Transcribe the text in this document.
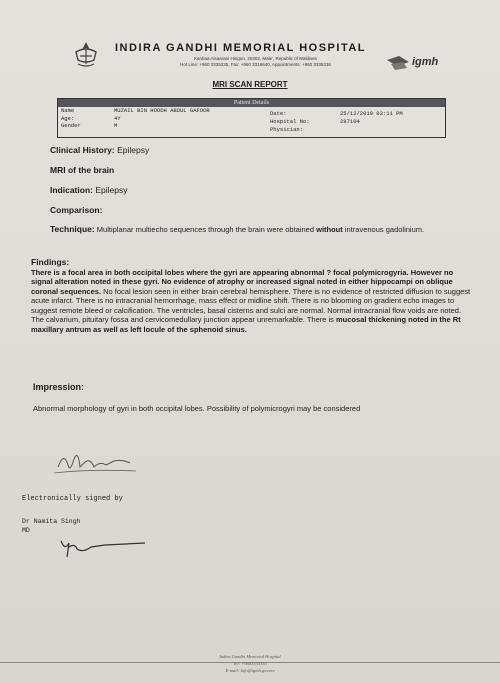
INDIRA GANDHI MEMORIAL HOSPITAL
Kanbaa Aisaarani Hingun, 20402, Male', Republic of Maldives
Hot Line: +960 3335335, Fax: +960 3316640, Appointments: +960 3335336	igmh
MRI SCAN REPORT
Patient Details
Name	MUZAIL BIN HOODH ABDUL GAFOOR
Age:	4Y
Gender	M
Date:	25/12/2019 03:11 PM
Hospital No:	287104
Physician:
Clinical History: Epilepsy
MRI of the brain
Indication: Epilepsy
Comparison:
Technique: Multiplanar multiecho sequences through the brain were obtained without intravenous gadolinium.
Findings:
There is a focal area in both occipital lobes where the gyri are appearing abnormal ? focal polymicrogyria. However no signal alteration noted in these gyri. No evidence of atrophy or increased signal noted in either hippocampi on oblique coronal sequences. No focal lesion seen in either brain cerebral hemisphere. There is no evidence of restricted diffusion to suggest acute infarct. There is no intracranial hemorrhage, mass effect or midline shift. There is no blooming on gradient echo images to suggest remote bleed or calcification. The ventricles, basal cisterns and sulci are normal. Normal intracranial flow voids are noted. The calvarium, pituitary fossa and cervicomedullary junction appear unremarkable. There is mucosal thickening noted in the Rt maxillary antrum as well as left locule of the sphenoid sinus.
Impression:
Abnormal morphology of gyri in both occipital lobes. Possibility of polymicrogyri may be considered
Electronically signed by
Dr Namita Singh
MD
Indira Gandhi Memorial Hospital
Tel: +9603335335
E-mail: Info@igmh.gov.mv
